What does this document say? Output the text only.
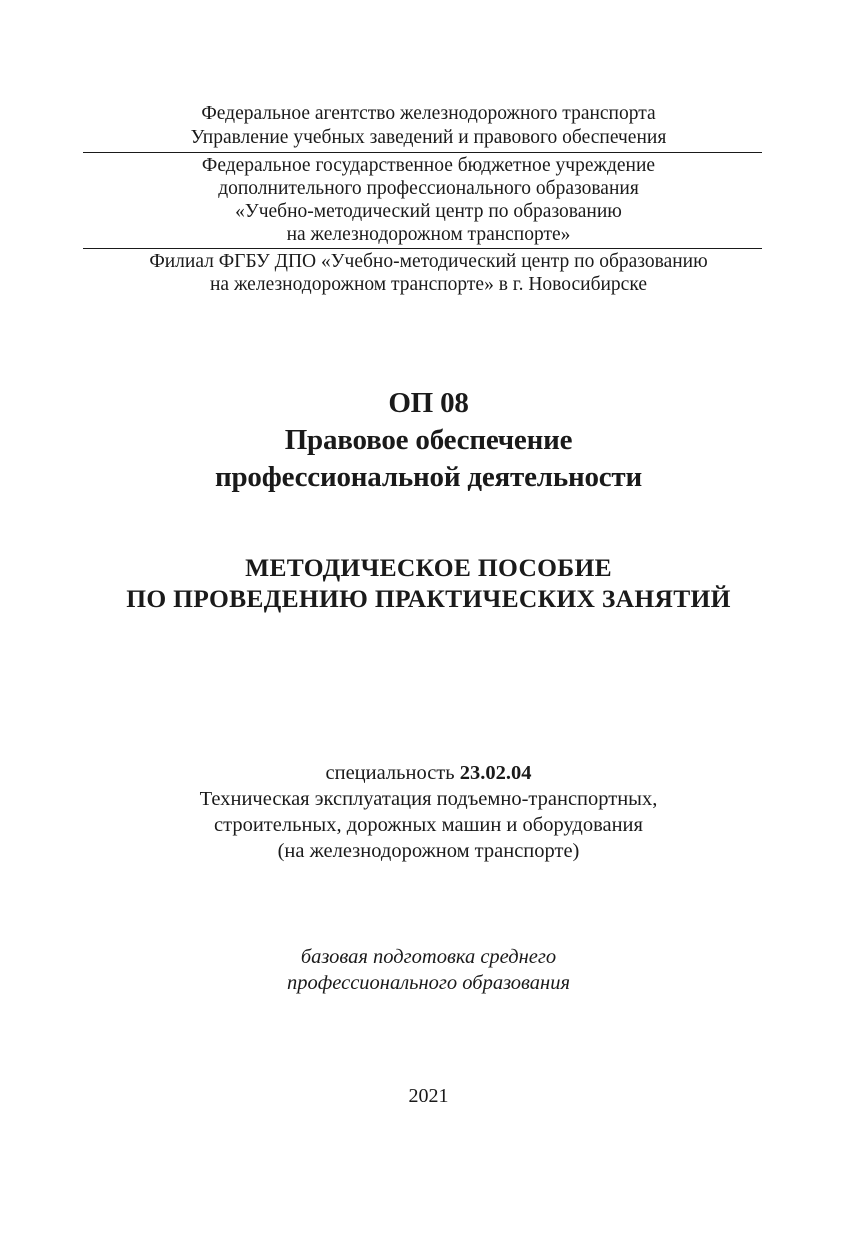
Федеральное агентство железнодорожного транспорта
Управление учебных заведений и правового обеспечения
Федеральное государственное бюджетное учреждение
дополнительного профессионального образования
«Учебно-методический центр по образованию
на железнодорожном транспорте»
Филиал ФГБУ ДПО «Учебно-методический центр по образованию
на железнодорожном транспорте» в г. Новосибирске
ОП 08
Правовое обеспечение
профессиональной деятельности
МЕТОДИЧЕСКОЕ ПОСОБИЕ
ПО ПРОВЕДЕНИЮ ПРАКТИЧЕСКИХ ЗАНЯТИЙ
специальность 23.02.04
Техническая эксплуатация подъемно-транспортных,
строительных, дорожных машин и оборудования
(на железнодорожном транспорте)
базовая подготовка среднего
профессионального образования
2021
